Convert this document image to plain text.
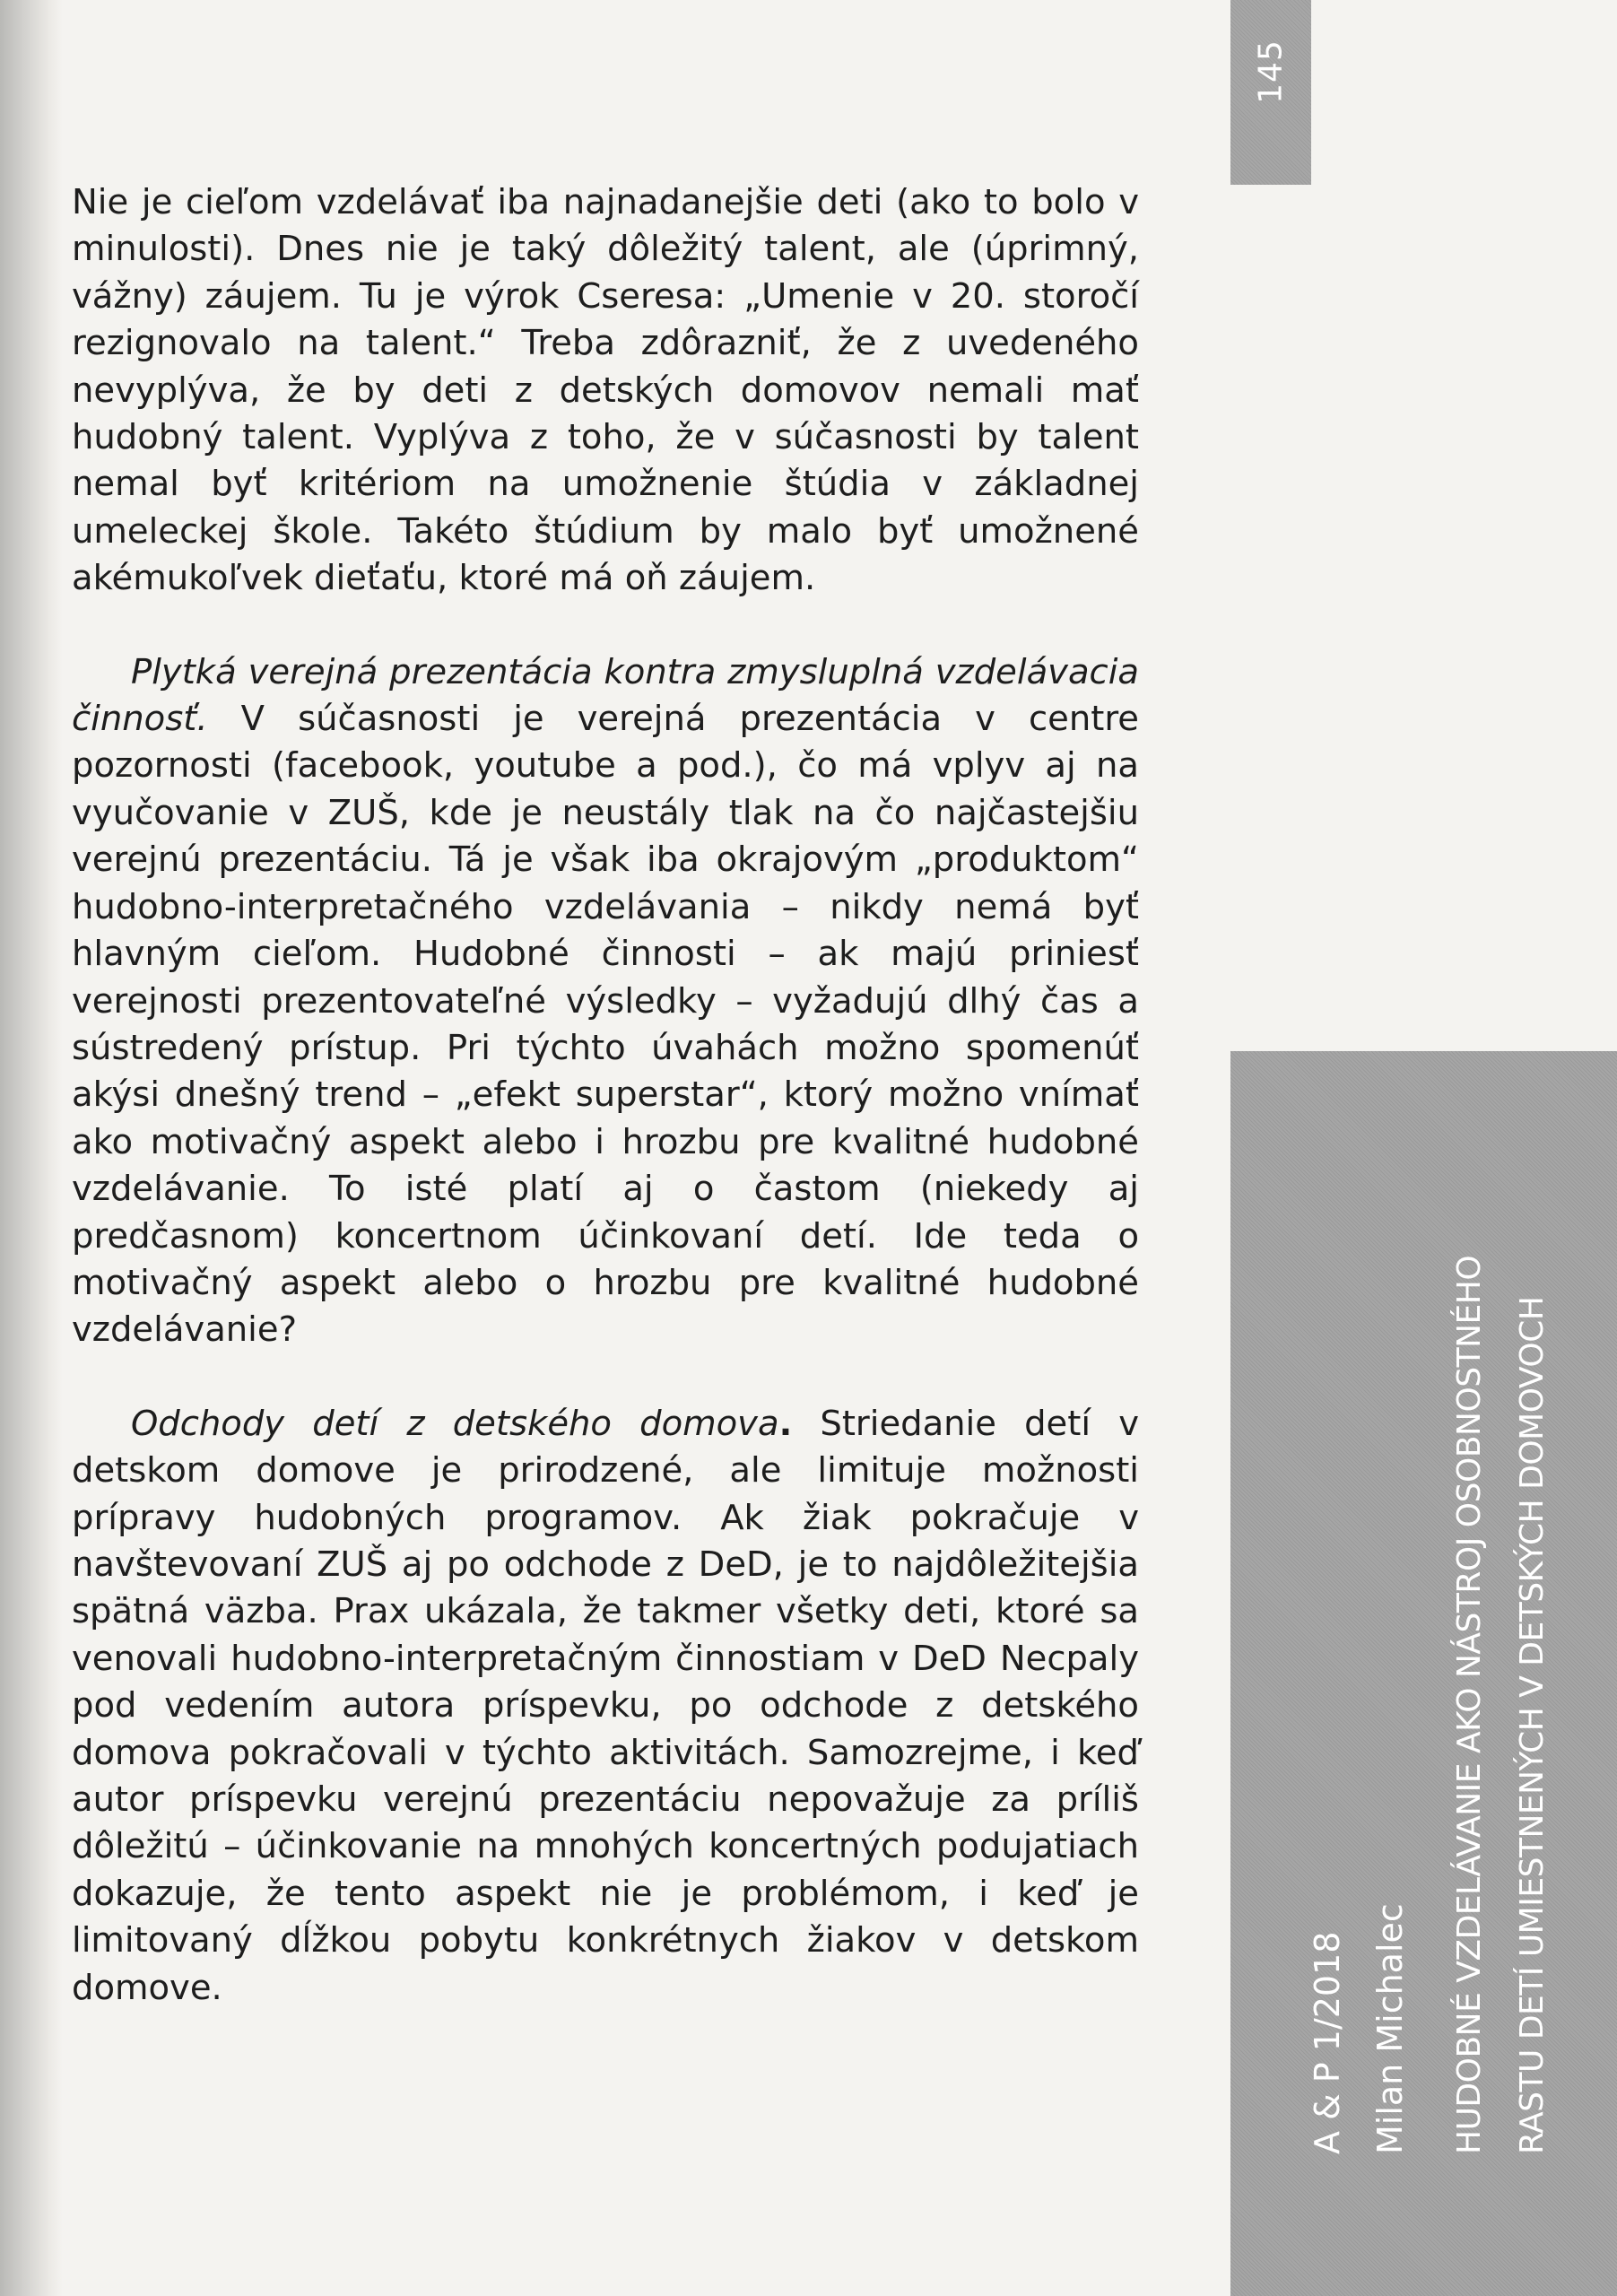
145
A & P 1/2018 Milan Michalec HUDOBNÉ VZDELÁVANIE AKO NÁSTROJ OSOBNOSTNÉHO RASTU DETÍ UMIESTNENÝCH V DETSKÝCH DOMOVOCH

Nie je cieľom vzdelávať iba najnadanejšie deti (ako to bolo v minulosti). Dnes nie je taký dôležitý talent, ale (úprimný, vážny) záujem. Tu je výrok Cseresa: „Umenie v 20. storočí rezignovalo na talent.“ Treba zdôrazniť, že z uvedeného nevyplýva, že by deti z detských domovov nemali mať hudobný talent. Vyplýva z toho, že v súčasnosti by talent nemal byť kritériom na umožnenie štúdia v základnej umeleckej škole. Takéto štúdium by malo byť umožnené akémukoľvek dieťaťu, ktoré má oň záujem.

Plytká verejná prezentácia kontra zmysluplná vzdelávacia činnosť. V súčasnosti je verejná prezentácia v centre pozornosti (facebook, youtube a pod.), čo má vplyv aj na vyučovanie v ZUŠ, kde je neustály tlak na čo najčastejšiu verejnú prezentáciu. Tá je však iba okrajovým „produktom“ hudobno-interpretačného vzdelávania – nikdy nemá byť hlavným cieľom. Hudobné činnosti – ak majú priniesť verejnosti prezentovateľné výsledky – vyžadujú dlhý čas a sústredený prístup. Pri týchto úvahách možno spomenúť akýsi dnešný trend – „efekt superstar“, ktorý možno vnímať ako motivačný aspekt alebo i hrozbu pre kvalitné hudobné vzdelávanie. To isté platí aj o častom (niekedy aj predčasnom) koncertnom účinkovaní detí. Ide teda o motivačný aspekt alebo o hrozbu pre kvalitné hudobné vzdelávanie?

Odchody detí z detského domova. Striedanie detí v detskom domove je prirodzené, ale limituje možnosti prípravy hudobných programov. Ak žiak pokračuje v navštevovaní ZUŠ aj po odchode z DeD, je to najdôležitejšia spätná väzba. Prax ukázala, že takmer všetky deti, ktoré sa venovali hudobno-interpretačným činnostiam v DeD Necpaly pod vedením autora príspevku, po odchode z detského domova pokračovali v týchto aktivitách. Samozrejme, i keď autor príspevku verejnú prezentáciu nepovažuje za príliš dôležitú – účinkovanie na mnohých koncertných podujatiach dokazuje, že tento aspekt nie je problémom, i keď je limitovaný dĺžkou pobytu konkrétnych žiakov v detskom domove.
